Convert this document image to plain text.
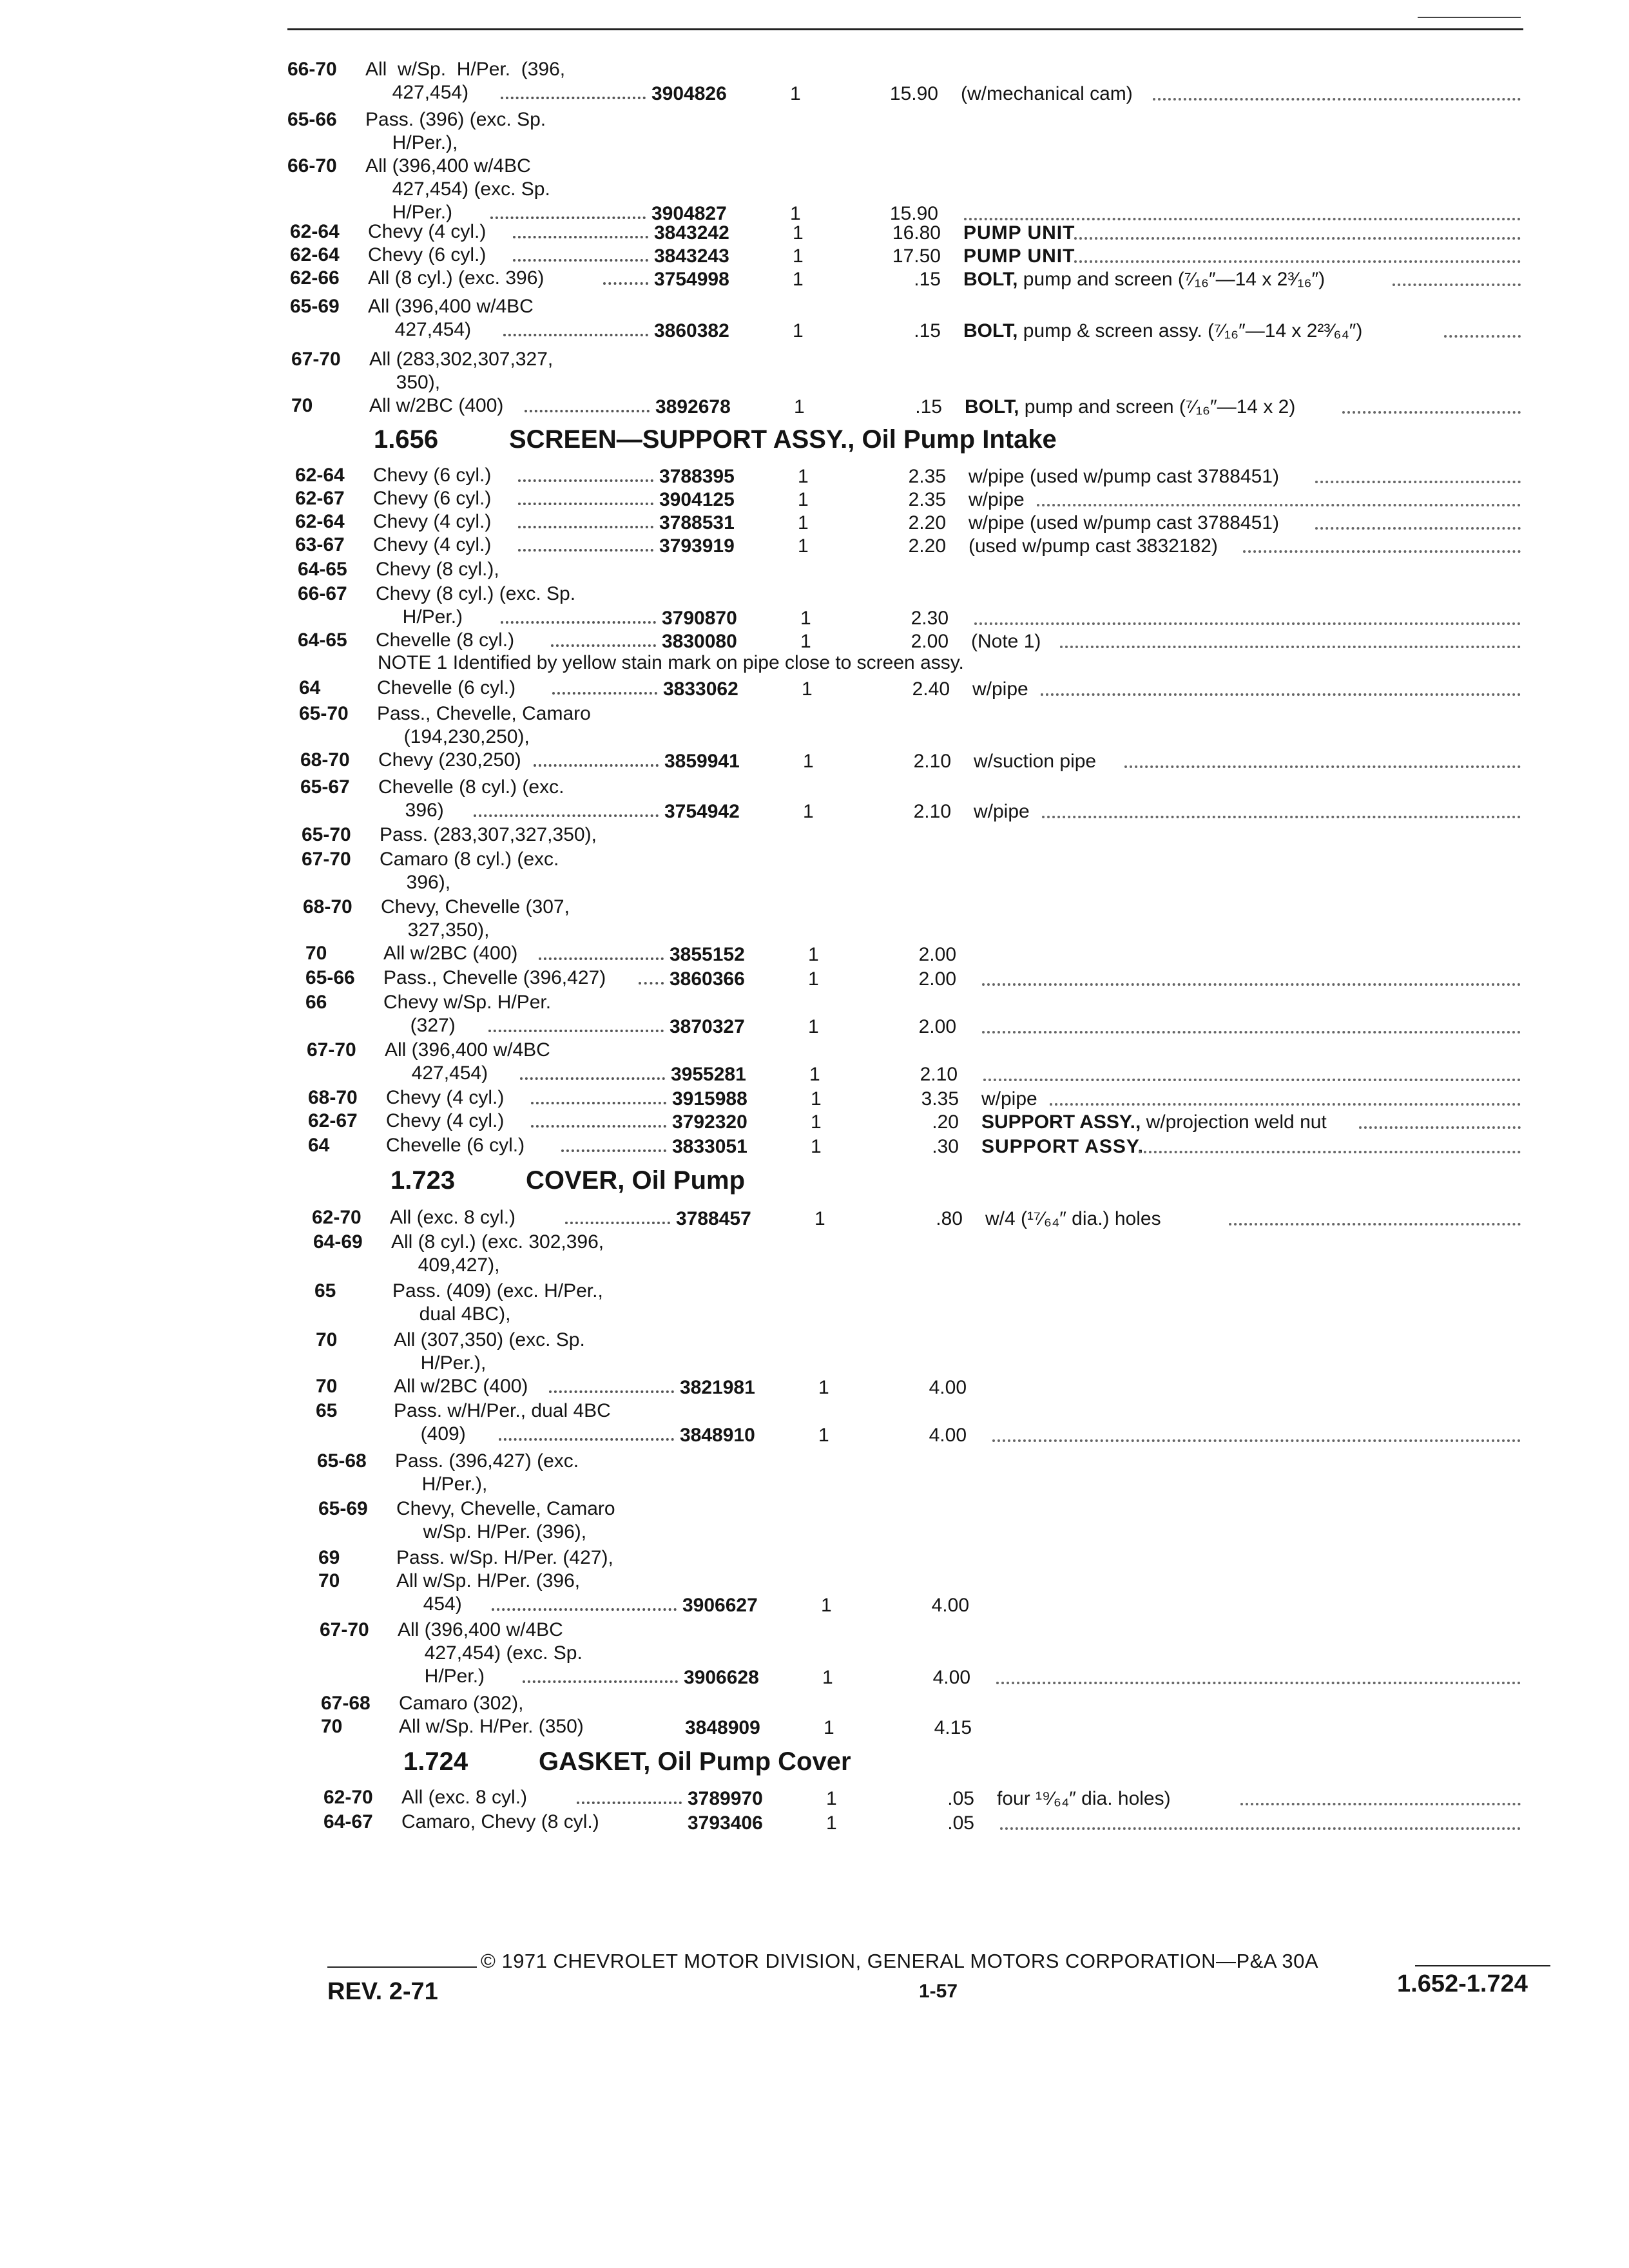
66-70 All  w/Sp.  H/Per.  (396,
427,454)	3904826	1	15.90 (w/mechanical cam)
65-66 Pass. (396) (exc. Sp.
H/Per.),
66-70 All (396,400 w/4BC
427,454) (exc. Sp.
H/Per.)	3904827	1	15.90
62-64 Chevy (4 cyl.)	3843242	1	16.80 PUMP UNIT
62-64 Chevy (6 cyl.)	3843243	1	17.50 PUMP UNIT
62-66 All (8 cyl.) (exc. 396)	3754998	1	.15 BOLT, pump and screen (⁷⁄₁₆″—14 x 2³⁄₁₆″)
65-69 All (396,400 w/4BC
427,454)	3860382	1	.15 BOLT, pump & screen assy. (⁷⁄₁₆″—14 x 2²³⁄₆₄″)
67-70 All (283,302,307,327,
350),
70	All w/2BC (400)	3892678	1	.15 BOLT, pump and screen (⁷⁄₁₆″—14 x 2)
1.656	SCREEN—SUPPORT ASSY., Oil Pump Intake
62-64 Chevy (6 cyl.)	3788395	1	2.35 w/pipe (used w/pump cast 3788451)
62-67 Chevy (6 cyl.)	3904125	1	2.35 w/pipe
62-64 Chevy (4 cyl.)	3788531	1	2.20 w/pipe (used w/pump cast 3788451)
63-67 Chevy (4 cyl.)	3793919	1	2.20 (used w/pump cast 3832182)
64-65 Chevy (8 cyl.),
66-67 Chevy (8 cyl.) (exc. Sp.
H/Per.)	3790870	1	2.30
64-65 Chevelle (8 cyl.)	3830080	1	2.00 (Note 1)
NOTE 1 Identified by yellow stain mark on pipe close to screen assy.
64	Chevelle (6 cyl.)	3833062	1	2.40 w/pipe
65-70 Pass., Chevelle, Camaro
(194,230,250),
68-70 Chevy (230,250)	3859941	1	2.10 w/suction pipe
65-67 Chevelle (8 cyl.) (exc.
396)	3754942	1	2.10 w/pipe
65-70 Pass. (283,307,327,350),
67-70 Camaro (8 cyl.) (exc.
396),
68-70 Chevy, Chevelle (307,
327,350),
70	All w/2BC (400)	3855152	1	2.00
65-66 Pass., Chevelle (396,427)	3860366	1	2.00
66	Chevy w/Sp. H/Per.
(327)	3870327	1	2.00
67-70 All (396,400 w/4BC
427,454)	3955281	1	2.10
68-70 Chevy (4 cyl.)	3915988	1	3.35 w/pipe
62-67 Chevy (4 cyl.)	3792320	1	.20 SUPPORT ASSY., w/projection weld nut
64	Chevelle (6 cyl.)	3833051	1	.30 SUPPORT ASSY.
1.723	COVER, Oil Pump
62-70 All (exc. 8 cyl.)	3788457	1	.80 w/4 (¹⁷⁄₆₄″ dia.) holes
64-69 All (8 cyl.) (exc. 302,396,
409,427),
65	Pass. (409) (exc. H/Per.,
dual 4BC),
70	All (307,350) (exc. Sp.
H/Per.),
70	All w/2BC (400)	3821981	1	4.00
65	Pass. w/H/Per., dual 4BC
(409)	3848910	1	4.00
65-68 Pass. (396,427) (exc.
H/Per.),
65-69 Chevy, Chevelle, Camaro
w/Sp. H/Per. (396),
69	Pass. w/Sp. H/Per. (427),
70	All w/Sp. H/Per. (396,
454)	3906627	1	4.00
67-70 All (396,400 w/4BC
427,454) (exc. Sp.
H/Per.)	3906628	1	4.00
67-68 Camaro (302),
70	All w/Sp. H/Per. (350)	3848909	1	4.15
1.724	GASKET, Oil Pump Cover
62-70 All (exc. 8 cyl.)	3789970	1	.05 four ¹⁹⁄₆₄″ dia. holes)
64-67 Camaro, Chevy (8 cyl.)	3793406	1	.05
© 1971 CHEVROLET MOTOR DIVISION, GENERAL MOTORS CORPORATION—P&A 30A
REV. 2-71	1-57	1.652-1.724
